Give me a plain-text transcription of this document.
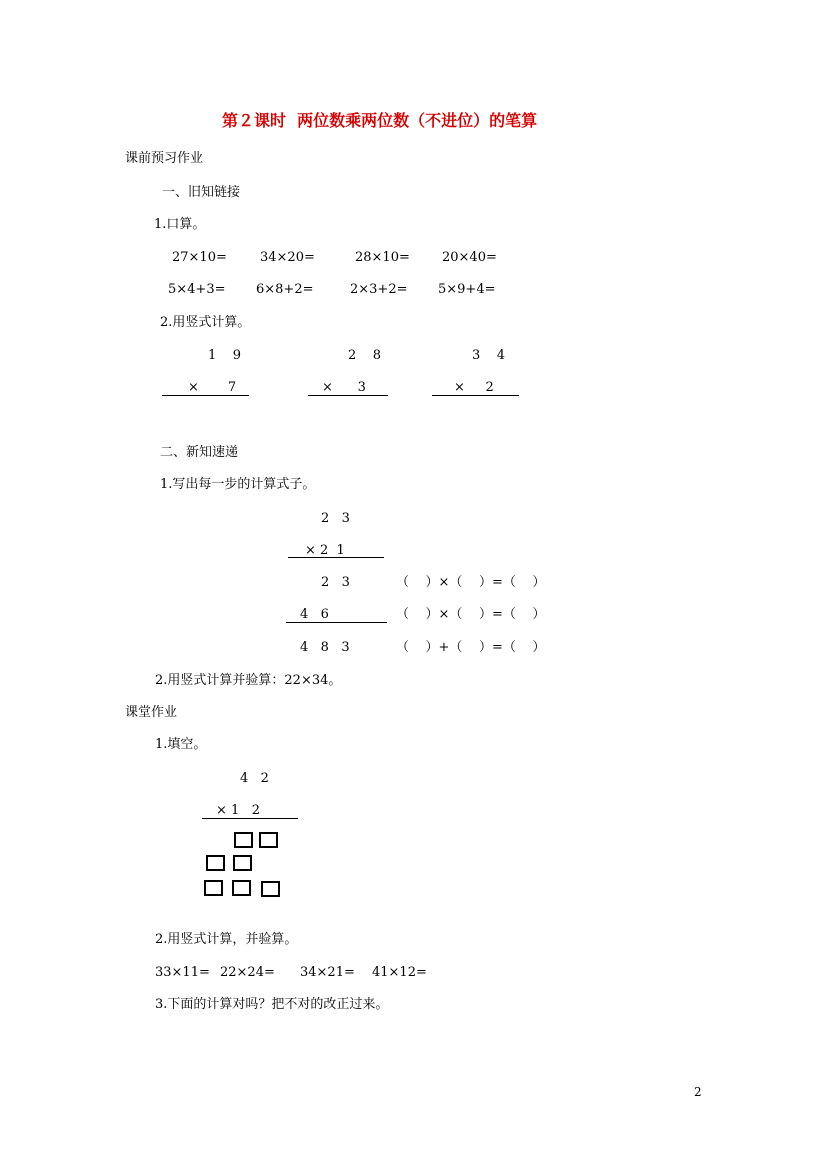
第２课时  两位数乘两位数（不进位）的笔算
课前预习作业
一、旧知链接
1.口算。
27×10=	34×20=	28×10= 20×40=
5×4+3= 6×8+2=	2×3+2= 5×9+4=
2.用竖式计算。
1    9
×       7
2    8
×      3
3    4
×     2
二、新知速递
1.写出每一步的计算式子。
2   3
× 2  1
2   3	（    ）×（    ）=（    ）
4   6	（    ）×（    ）=（    ）
4   8   3	（    ）+（    ）=（    ）
2.用竖式计算并验算：22×34。
课堂作业
1.填空。
4   2
× 1   2
2.用竖式计算，并验算。
33×11= 22×24= 34×21= 41×12=
3.下面的计算对吗？把不对的改正过来。
2
